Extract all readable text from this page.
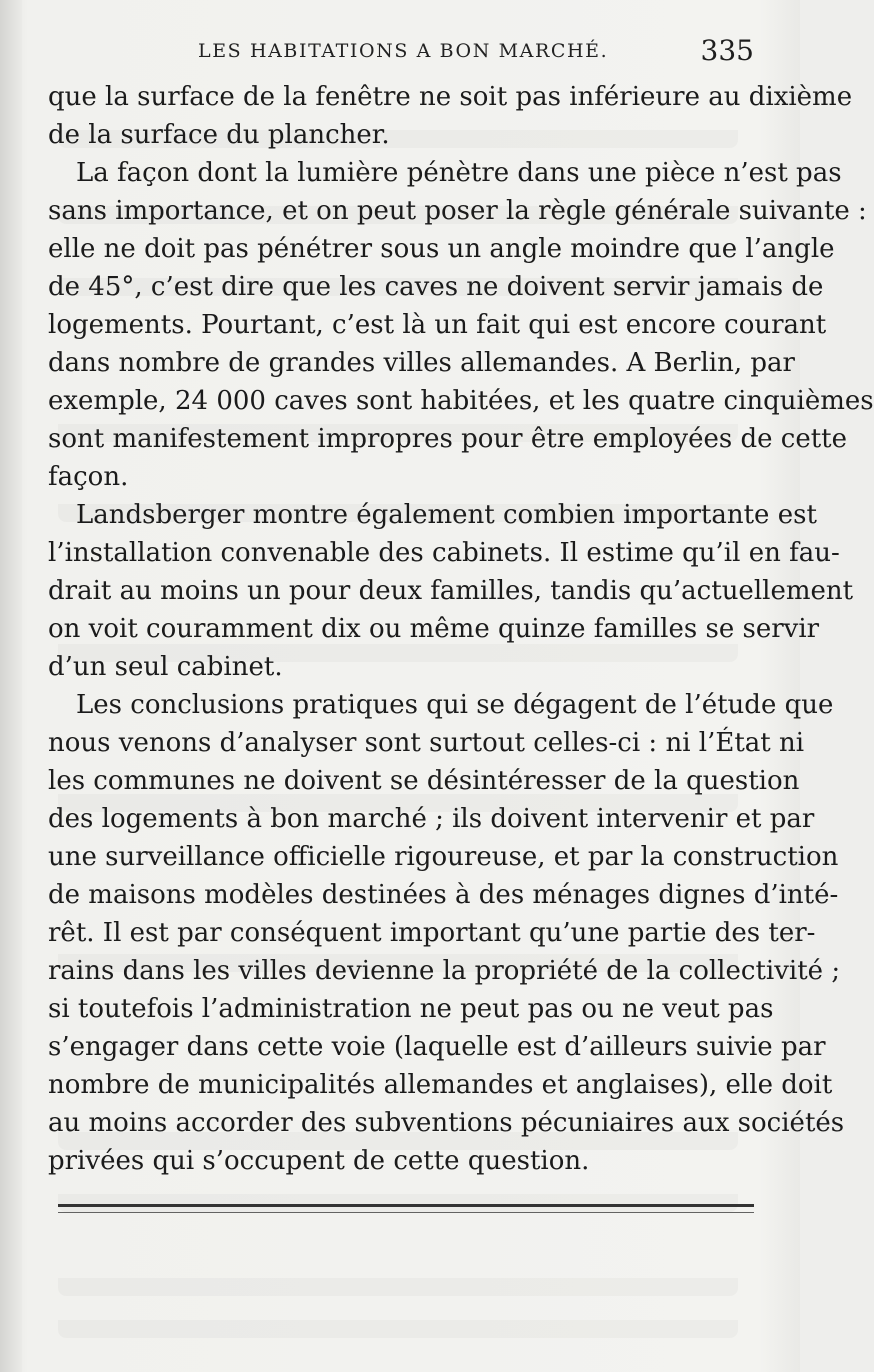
LES HABITATIONS A BON MARCHÉ.	335
que la surface de la fenêtre ne soit pas inférieure au dixième
de la surface du plancher.
La façon dont la lumière pénètre dans une pièce n’est pas
sans importance, et on peut poser la règle générale suivante :
elle ne doit pas pénétrer sous un angle moindre que l’angle
de 45°, c’est dire que les caves ne doivent servir jamais de
logements. Pourtant, c’est là un fait qui est encore courant
dans nombre de grandes villes allemandes. A Berlin, par
exemple, 24 000 caves sont habitées, et les quatre cinquièmes
sont manifestement impropres pour être employées de cette
façon.
Landsberger montre également combien importante est
l’installation convenable des cabinets. Il estime qu’il en fau-
drait au moins un pour deux familles, tandis qu’actuellement
on voit couramment dix ou même quinze familles se servir
d’un seul cabinet.
Les conclusions pratiques qui se dégagent de l’étude que
nous venons d’analyser sont surtout celles-ci : ni l’État ni
les communes ne doivent se désintéresser de la question
des logements à bon marché ; ils doivent intervenir et par
une surveillance officielle rigoureuse, et par la construction
de maisons modèles destinées à des ménages dignes d’inté-
rêt. Il est par conséquent important qu’une partie des ter-
rains dans les villes devienne la propriété de la collectivité ;
si toutefois l’administration ne peut pas ou ne veut pas
s’engager dans cette voie (laquelle est d’ailleurs suivie par
nombre de municipalités allemandes et anglaises), elle doit
au moins accorder des subventions pécuniaires aux sociétés
privées qui s’occupent de cette question.
